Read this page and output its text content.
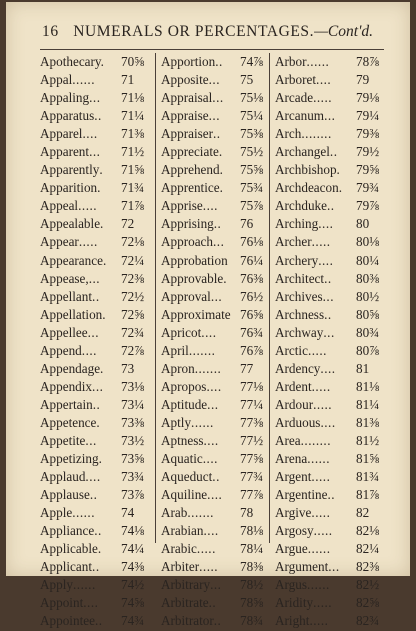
16 NUMERALS OR PERCENTAGES.—Cont'd.
Apothecary. 70⅝
Appal ...... 71
Appaling ... 71⅛
Apparatus .. 71¼
Apparel .... 71⅜
Apparent ... 71½
Apparently . 71⅝
Apparition . 71¾
Appeal ..... 71⅞
Appealable. 72
Appear ..... 72⅛
Appearance. 72¼
Appease, ... 72⅜
Appellant .. 72½
Appellation. 72⅝
Appellee ... 72¾
Append .... 72⅞
Appendage. 73
Appendix ... 73⅛
Appertain .. 73¼
Appetence. 73⅜
Appetite ... 73½
Appetizing . 73⅝
Applaud .... 73¾
Applause .. 73⅞
Apple ...... 74
Appliance .. 74⅛
Applicable. 74¼
Applicant .. 74⅜
Apply ...... 74½
Appoint .... 74⅝
Appointee .. 74¾
Apportion .. 74⅞
Apposite ... 75
Appraisal ... 75⅛
Appraise ... 75¼
Appraiser .. 75⅜
Appreciate . 75½
Apprehend . 75⅝
Apprentice. 75¾
Apprise .... 75⅞
Apprising .. 76
Approach ... 76⅛
Approbation 76¼
Approvable. 76⅜
Approval ... 76½
Approximate 76⅝
Apricot .... 76¾
April ....... 76⅞
Apron ....... 77
Apropos .... 77⅛
Aptitude ... 77¼
Aptly ...... 77⅜
Aptness .... 77½
Aquatic .... 77⅝
Aqueduct .. 77¾
Aquiline .... 77⅞
Arab ....... 78
Arabian .... 78⅛
Arabic ..... 78¼
Arbiter ..... 78⅜
Arbitrary ... 78½
Arbitrate .. 78⅝
Arbitrator .. 78¾
Arbor ...... 78⅞
Arboret .... 79
Arcade ..... 79⅛
Arcanum ... 79¼
Arch ........ 79⅜
Archangel .. 79½
Archbishop. 79⅝
Archdeacon. 79¾
Archduke .. 79⅞
Arching .... 80
Archer ..... 80⅛
Archery .... 80¼
Architect .. 80⅜
Archives ... 80½
Archness .. 80⅝
Archway ... 80¾
Arctic ..... 80⅞
Ardency .... 81
Ardent ..... 81⅛
Ardour ..... 81¼
Arduous .... 81⅜
Area ........ 81½
Arena ...... 81⅝
Argent ..... 81¾
Argentine .. 81⅞
Argive ..... 82
Argosy ..... 82⅛
Argue ...... 82¼
Argument ... 82⅜
Argus ...... 82½
Aridity ..... 82⅝
Aright ..... 82¾
